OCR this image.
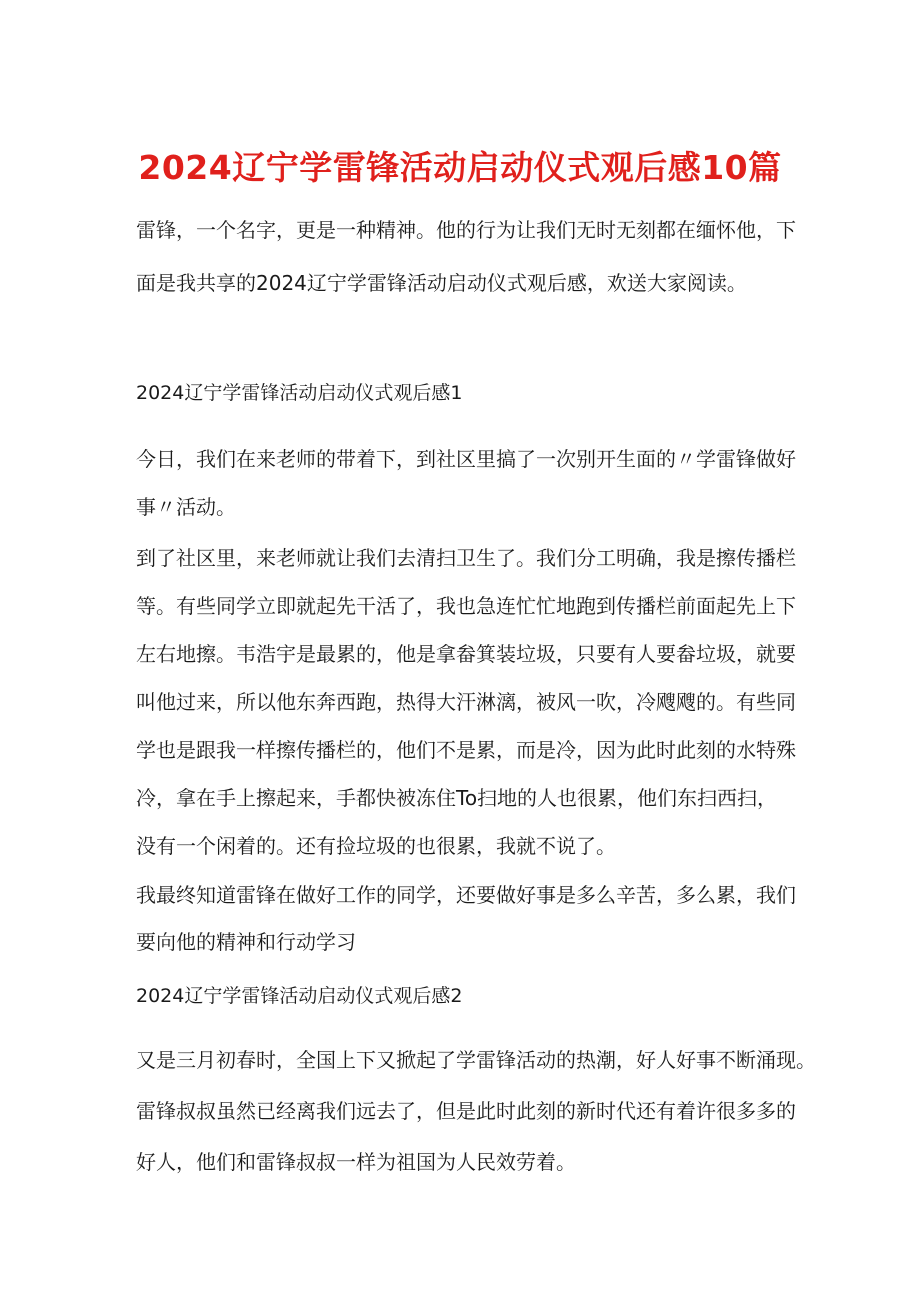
2024辽宁学雷锋活动启动仪式观后感10篇
雷锋，一个名字，更是一种精神。他的行为让我们无时无刻都在缅怀他，下
面是我共享的2024辽宁学雷锋活动启动仪式观后感，欢送大家阅读。
2024辽宁学雷锋活动启动仪式观后感1
今日，我们在来老师的带着下，到社区里搞了一次别开生面的〃学雷锋做好
事〃活动。
到了社区里，来老师就让我们去清扫卫生了。我们分工明确，我是擦传播栏
等。有些同学立即就起先干活了，我也急连忙忙地跑到传播栏前面起先上下
左右地擦。韦浩宇是最累的，他是拿畚箕装垃圾，只要有人要畚垃圾，就要
叫他过来，所以他东奔西跑，热得大汗淋漓，被风一吹，冷飕飕的。有些同
学也是跟我一样擦传播栏的，他们不是累，而是冷，因为此时此刻的水特殊
冷，拿在手上擦起来，手都快被冻住To扫地的人也很累，他们东扫西扫，
没有一个闲着的。还有捡垃圾的也很累，我就不说了。
我最终知道雷锋在做好工作的同学，还要做好事是多么辛苦，多么累，我们
要向他的精神和行动学习
2024辽宁学雷锋活动启动仪式观后感2
又是三月初春时，全国上下又掀起了学雷锋活动的热潮，好人好事不断涌现。
雷锋叔叔虽然已经离我们远去了，但是此时此刻的新时代还有着许很多多的
好人，他们和雷锋叔叔一样为祖国为人民效劳着。
